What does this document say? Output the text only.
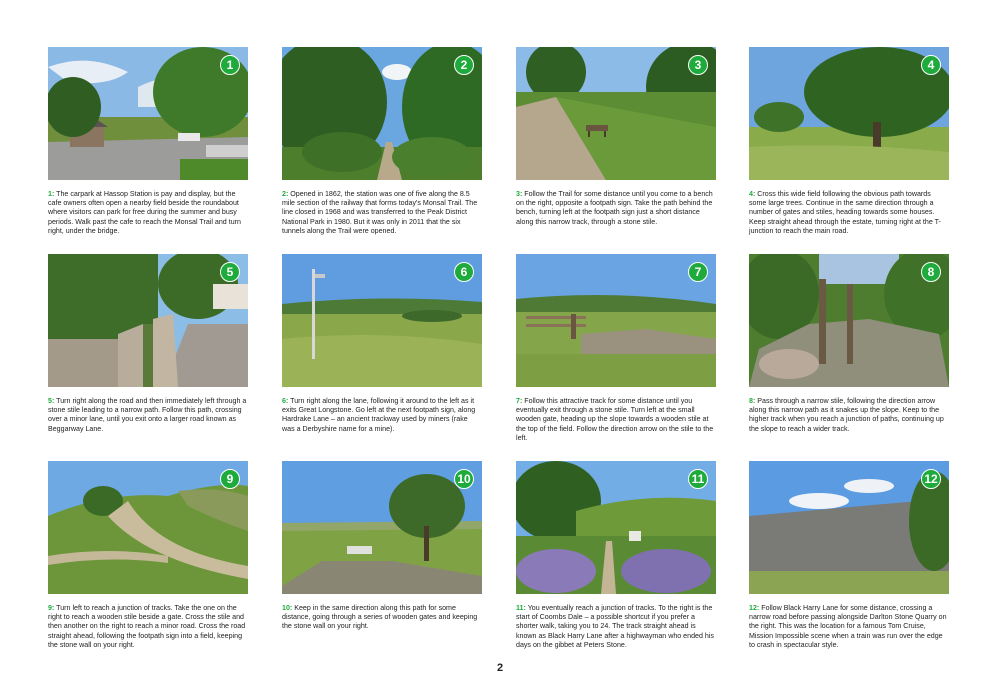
1
1: The carpark at Hassop Station is pay and display, but the cafe owners often open a nearby field beside the roundabout where visitors can park for free during the summer and busy periods. Walk past the cafe to reach the Monsal Trail and turn right, under the bridge.
2
2: Opened in 1862, the station was one of five along the 8.5 mile section of the railway that forms today's Monsal Trail. The line closed in 1968 and was transferred to the Peak District National Park in 1980. But it was only in 2011 that the six tunnels along the Trail were opened.
3
3: Follow the Trail for some distance until you come to a bench on the right, opposite a footpath sign. Take the path behind the bench, turning left at the footpath sign just a short distance along this narrow track, through a stone stile.
4
4: Cross this wide field following the obvious path towards some large trees. Continue in the same direction through a number of gates and stiles, heading towards some houses. Keep straight ahead through the estate, turning right at the T-junction to reach the main road.
5
5: Turn right along the road and then immediately left through a stone stile leading to a narrow path. Follow this path, crossing over a minor lane, until you exit onto a larger road known as Beggarway Lane.
6
6: Turn right along the lane, following it around to the left as it exits Great Longstone. Go left at the next footpath sign, along Hardrake Lane – an ancient trackway used by miners (rake was a Derbyshire name for a mine).
7
7: Follow this attractive track for some distance until you eventually exit through a stone stile. Turn left at the small wooden gate, heading up the slope towards a wooden stile at the top of the field. Follow the direction arrow on the stile to the left.
8
8: Pass through a narrow stile, following the direction arrow along this narrow path as it snakes up the slope. Keep to the higher track when you reach a junction of paths, continuing up the slope to reach a wider track.
9
9: Turn left to reach a junction of tracks. Take the one on the right to reach a wooden stile beside a gate. Cross the stile and then another on the right to reach a minor road. Cross the road straight ahead, following the footpath sign into a field, keeping the stone wall on your right.
10
10: Keep in the same direction along this path for some distance, going through a series of wooden gates and keeping the stone wall on your right.
11
11: You eventually reach a junction of tracks. To the right is the start of Coombs Dale – a possible shortcut if you prefer a shorter walk, taking you to 24. The track straight ahead is known as Black Harry Lane after a highwayman who ended his days on the gibbet at Peters Stone.
12
12: Follow Black Harry Lane for some distance, crossing a narrow road before passing alongside Darlton Stone Quarry on the right. This was the location for a famous Tom Cruise, Mission Impossible scene when a train was run over the edge to crash in spectacular style.
2
